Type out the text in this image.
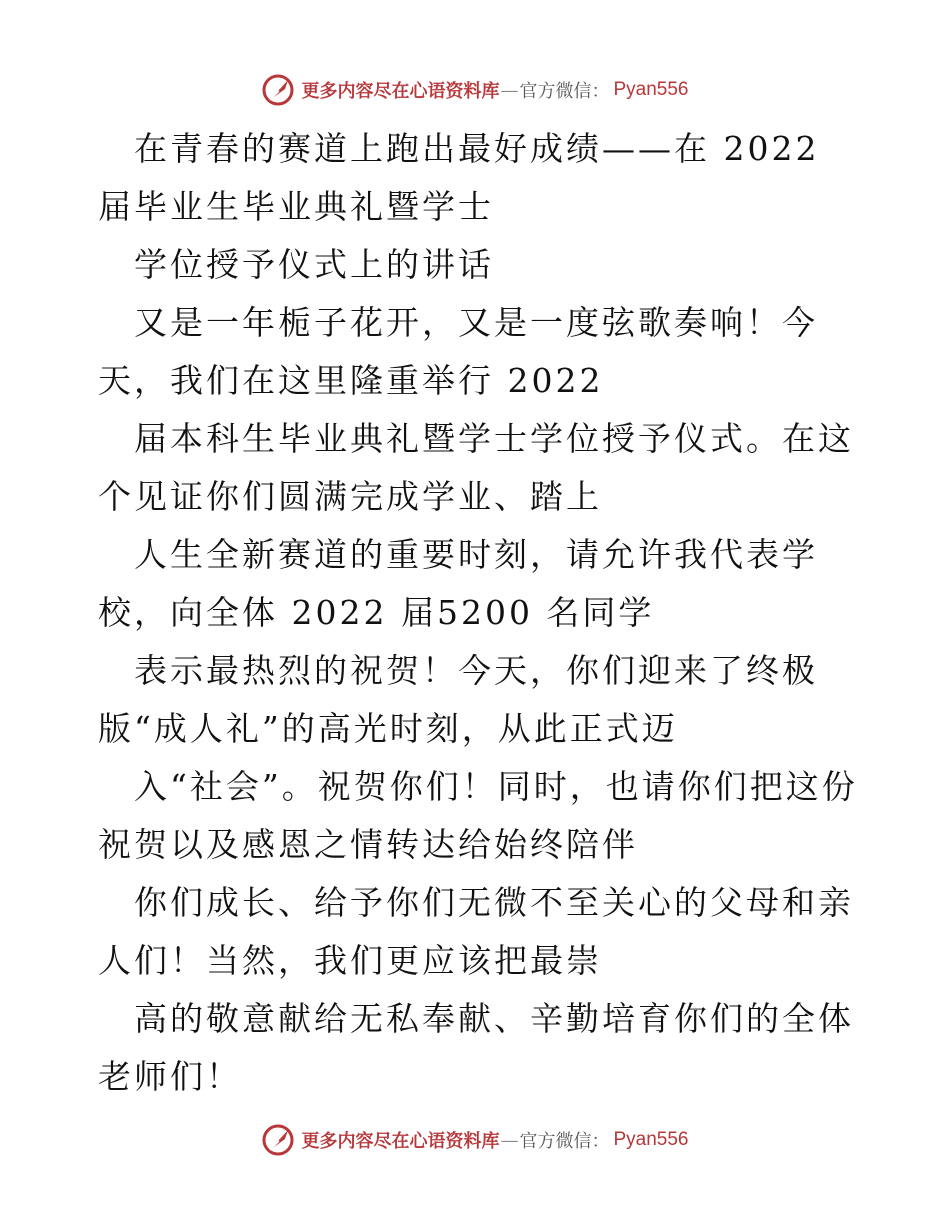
更多内容尽在心语资料库 — 官方微信： Pyan556

在青春的赛道上跑出最好成绩——在 2022 届毕业生毕业典礼暨学士

学位授予仪式上的讲话

又是一年栀子花开，又是一度弦歌奏响！今天，我们在这里隆重举行 2022

届本科生毕业典礼暨学士学位授予仪式。在这个见证你们圆满完成学业、踏上

人生全新赛道的重要时刻，请允许我代表学校，向全体 2022 届5200 名同学

表示最热烈的祝贺！今天，你们迎来了终极版“成人礼”的高光时刻，从此正式迈

入“社会”。祝贺你们！同时，也请你们把这份祝贺以及感恩之情转达给始终陪伴

你们成长、给予你们无微不至关心的父母和亲人们！当然，我们更应该把最崇

高的敬意献给无私奉献、辛勤培育你们的全体老师们！

更多内容尽在心语资料库 — 官方微信： Pyan556
